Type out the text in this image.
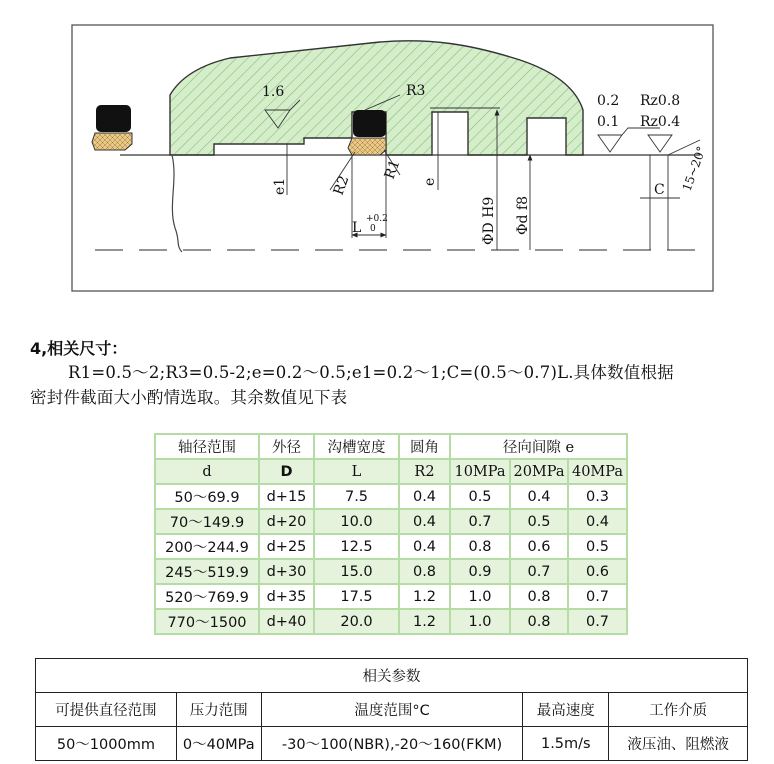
1.6	R3
R2
R1
e1	e
L
+0.2
0	ΦD H9 Φd f8
0.2 Rz0.8
0.1 Rz0.4
C 15~20°
4,相关尺寸：

R1=0.5～2;R3=0.5-2;e=0.2～0.5;e1=0.2～1;C=(0.5～0.7)L.具体数值根据

密封件截面大小酌情选取。其余数值见下表

轴径范围	外径	沟槽宽度	圆角	径向间隙 e		
d	D	L	R2	10MPa	20MPa	40MPa
50～69.9	d+15	7.5	0.4	0.5	0.4	0.3
70～149.9	d+20	10.0	0.4	0.7	0.5	0.4
200～244.9	d+25	12.5	0.4	0.8	0.6	0.5
245～519.9	d+30	15.0	0.8	0.9	0.7	0.6
520～769.9	d+35	17.5	1.2	1.0	0.8	0.7
770～1500	d+40	20.0	1.2	1.0	0.8	0.7
相关参数				
可提供直径范围	压力范围	温度范围°C	最高速度	工作介质
50～1000mm	0～40MPa	-30～100(NBR),-20～160(FKM)	1.5m/s	液压油、阻燃液
